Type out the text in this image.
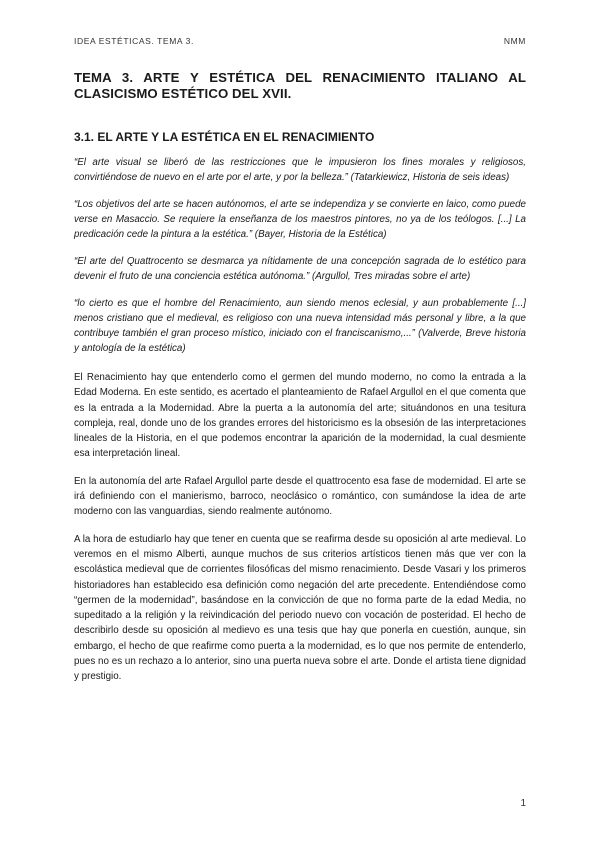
IDEA ESTÉTICAS. TEMA 3.	NMM
TEMA 3. ARTE Y ESTÉTICA DEL RENACIMIENTO ITALIANO AL CLASICISMO ESTÉTICO DEL XVII.
3.1. EL ARTE Y LA ESTÉTICA EN EL RENACIMIENTO

“El arte visual se liberó de las restricciones que le impusieron los fines morales y religiosos, convirtiéndose de nuevo en el arte por el arte, y por la belleza.” (Tatarkiewicz, Historia de seis ideas)

“Los objetivos del arte se hacen autónomos, el arte se independiza y se convierte en laico, como puede verse en Masaccio. Se requiere la enseñanza de los maestros pintores, no ya de los teólogos. [...] La predicación cede la pintura a la estética.” (Bayer, Historia de la Estética)

“El arte del Quattrocento se desmarca ya nítidamente de una concepción sagrada de lo estético para devenir el fruto de una conciencia estética autónoma.” (Argullol, Tres miradas sobre el arte)

“lo cierto es que el hombre del Renacimiento, aun siendo menos eclesial, y aun probablemente [...] menos cristiano que el medieval, es religioso con una nueva intensidad más personal y libre, a la que contribuye también el gran proceso místico, iniciado con el franciscanismo,...” (Valverde, Breve historia y antología de la estética)

El Renacimiento hay que entenderlo como el germen del mundo moderno, no como la entrada a la Edad Moderna. En este sentido, es acertado el planteamiento de Rafael Argullol en el que comenta que es la entrada a la Modernidad. Abre la puerta a la autonomía del arte; situándonos en una tesitura compleja, real, donde uno de los grandes errores del historicismo es la obsesión de las interpretaciones lineales de la Historia, en el que podemos encontrar la aparición de la modernidad, la cual desmiente esa interpretación lineal.

En la autonomía del arte Rafael Argullol parte desde el quattrocento esa fase de modernidad. El arte se irá definiendo con el manierismo, barroco, neoclásico o romántico, con sumándose la idea de arte moderno con las vanguardias, siendo realmente autónomo.

A la hora de estudiarlo hay que tener en cuenta que se reafirma desde su oposición al arte medieval. Lo veremos en el mismo Alberti, aunque muchos de sus criterios artísticos tienen más que ver con la escolástica medieval que de corrientes filosóficas del mismo renacimiento. Desde Vasari y los primeros historiadores han establecido esa definición como negación del arte precedente. Entendiéndose como “germen de la modernidad”, basándose en la convicción de que no forma parte de la edad Media, no supeditado a la religión y la reivindicación del periodo nuevo con vocación de posteridad. El hecho de describirlo desde su oposición al medievo es una tesis que hay que ponerla en cuestión, aunque, sin embargo, el hecho de que reafirme como puerta a la modernidad, es lo que nos permite de entenderlo, pues no es un rechazo a lo anterior, sino una puerta nueva sobre el arte. Donde el artista tiene dignidad y prestigio.

1
